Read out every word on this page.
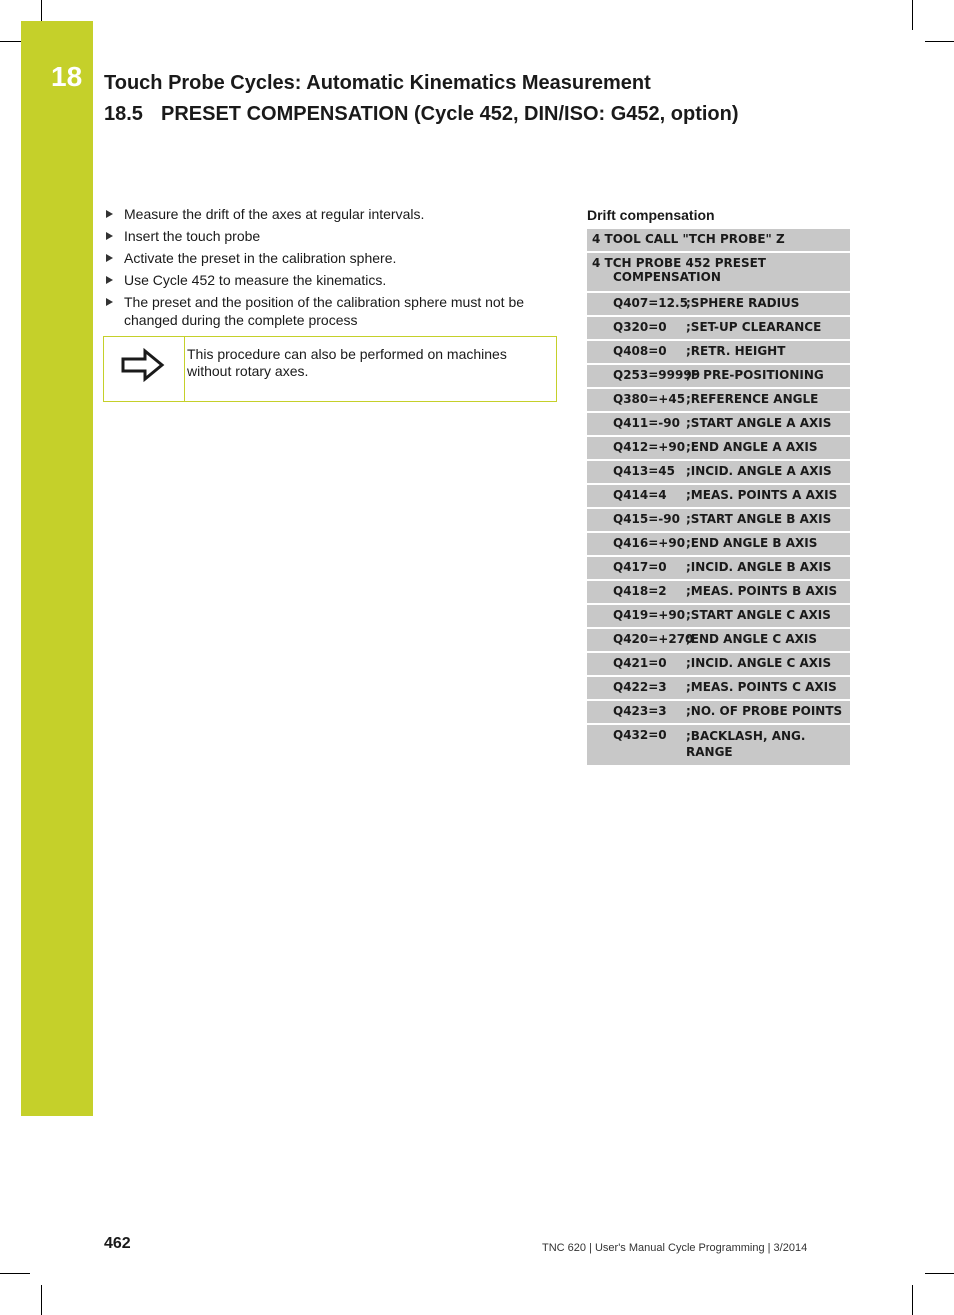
18 Touch Probe Cycles: Automatic Kinematics Measurement
18.5 PRESET COMPENSATION (Cycle 452, DIN/ISO: G452, option)
Measure the drift of the axes at regular intervals.
Insert the touch probe
Activate the preset in the calibration sphere.
Use Cycle 452 to measure the kinematics.
The preset and the position of the calibration sphere must not be changed during the complete process
This procedure can also be performed on machines without rotary axes.
Drift compensation
4 TOOL CALL "TCH PROBE" Z
4 TCH PROBE 452 PRESET
COMPENSATION
Q407=12.5
;SPHERE RADIUS
Q320=0 ;SET-UP CLEARANCE
Q408=0 ;RETR. HEIGHT
Q253=99999
;F PRE-POSITIONING
Q380=+45 ;REFERENCE ANGLE
Q411=-90 ;START ANGLE A AXIS
Q412=+90 ;END ANGLE A AXIS
Q413=45 ;INCID. ANGLE A AXIS
Q414=4 ;MEAS. POINTS A AXIS
Q415=-90 ;START ANGLE B AXIS
Q416=+90 ;END ANGLE B AXIS
Q417=0 ;INCID. ANGLE B AXIS
Q418=2 ;MEAS. POINTS B AXIS
Q419=+90 ;START ANGLE C AXIS
Q420=+270
;END ANGLE C AXIS
Q421=0 ;INCID. ANGLE C AXIS
Q422=3 ;MEAS. POINTS C AXIS
Q423=3 ;NO. OF PROBE POINTS
Q432=0 ;BACKLASH, ANG. RANGE
462	TNC 620 | User's Manual Cycle Programming | 3/2014
